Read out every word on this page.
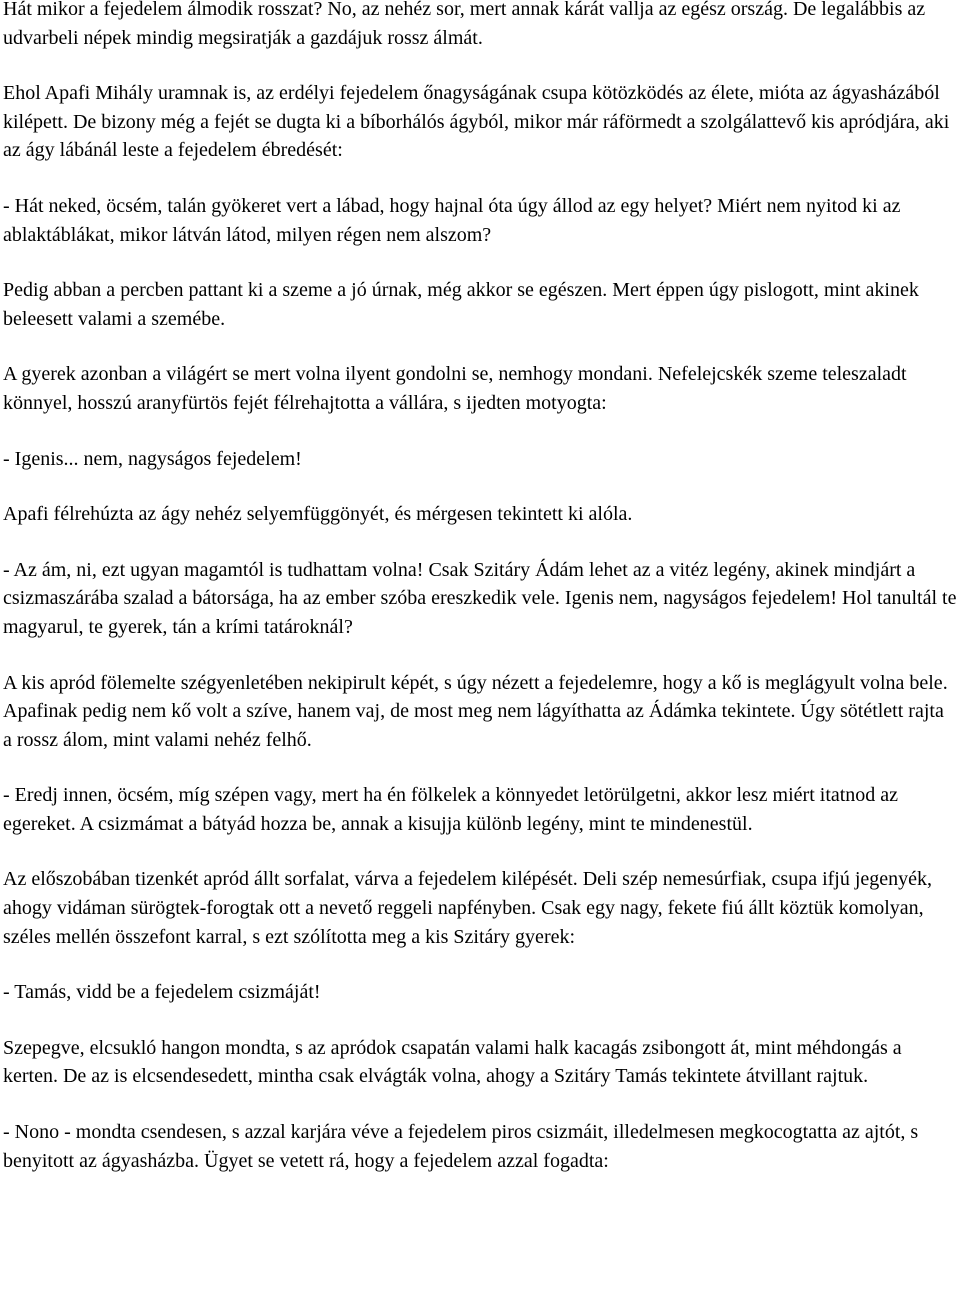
Hát mikor a fejedelem álmodik rosszat? No, az nehéz sor, mert annak kárát vallja az egész ország. De legalábbis az udvarbeli népek mindig megsiratják a gazdájuk rossz álmát.

Ehol Apafi Mihály uramnak is, az erdélyi fejedelem őnagyságának csupa kötözködés az élete, mióta az ágyasházából kilépett. De bizony még a fejét se dugta ki a bíborhálós ágyból, mikor már ráförmedt a szolgálattevő kis apródjára, aki az ágy lábánál leste a fejedelem ébredését:

- Hát neked, öcsém, talán gyökeret vert a lábad, hogy hajnal óta úgy állod az egy helyet? Miért nem nyitod ki az ablaktáblákat, mikor látván látod, milyen régen nem alszom?

Pedig abban a percben pattant ki a szeme a jó úrnak, még akkor se egészen. Mert éppen úgy pislogott, mint akinek beleesett valami a szemébe.

A gyerek azonban a világért se mert volna ilyent gondolni se, nemhogy mondani. Nefelejcskék szeme teleszaladt könnyel, hosszú aranyfürtös fejét félrehajtotta a vállára, s ijedten motyogta:

- Igenis... nem, nagyságos fejedelem!

Apafi félrehúzta az ágy nehéz selyemfüggönyét, és mérgesen tekintett ki alóla.

- Az ám, ni, ezt ugyan magamtól is tudhattam volna! Csak Szitáry Ádám lehet az a vitéz legény, akinek mindjárt a csizmaszárába szalad a bátorsága, ha az ember szóba ereszkedik vele. Igenis nem, nagyságos fejedelem! Hol tanultál te magyarul, te gyerek, tán a krími tatároknál?

A kis apród fölemelte szégyenletében nekipirult képét, s úgy nézett a fejedelemre, hogy a kő is meglágyult volna bele. Apafinak pedig nem kő volt a szíve, hanem vaj, de most meg nem lágyíthatta az Ádámka tekintete. Úgy sötétlett rajta a rossz álom, mint valami nehéz felhő.

- Eredj innen, öcsém, míg szépen vagy, mert ha én fölkelek a könnyedet letörülgetni, akkor lesz miért itatnod az egereket. A csizmámat a bátyád hozza be, annak a kisujja különb legény, mint te mindenestül.

Az előszobában tizenkét apród állt sorfalat, várva a fejedelem kilépését. Deli szép nemesúrfiak, csupa ifjú jegenyék, ahogy vidáman sürögtek-forogtak ott a nevető reggeli napfényben. Csak egy nagy, fekete fiú állt köztük komolyan, széles mellén összefont karral, s ezt szólította meg a kis Szitáry gyerek:

- Tamás, vidd be a fejedelem csizmáját!

Szepegve, elcsukló hangon mondta, s az apródok csapatán valami halk kacagás zsibongott át, mint méhdongás a kerten. De az is elcsendesedett, mintha csak elvágták volna, ahogy a Szitáry Tamás tekintete átvillant rajtuk.

- Nono - mondta csendesen, s azzal karjára véve a fejedelem piros csizmáit, illedelmesen megkocogtatta az ajtót, s benyitott az ágyasházba. Ügyet se vetett rá, hogy a fejedelem azzal fogadta:
